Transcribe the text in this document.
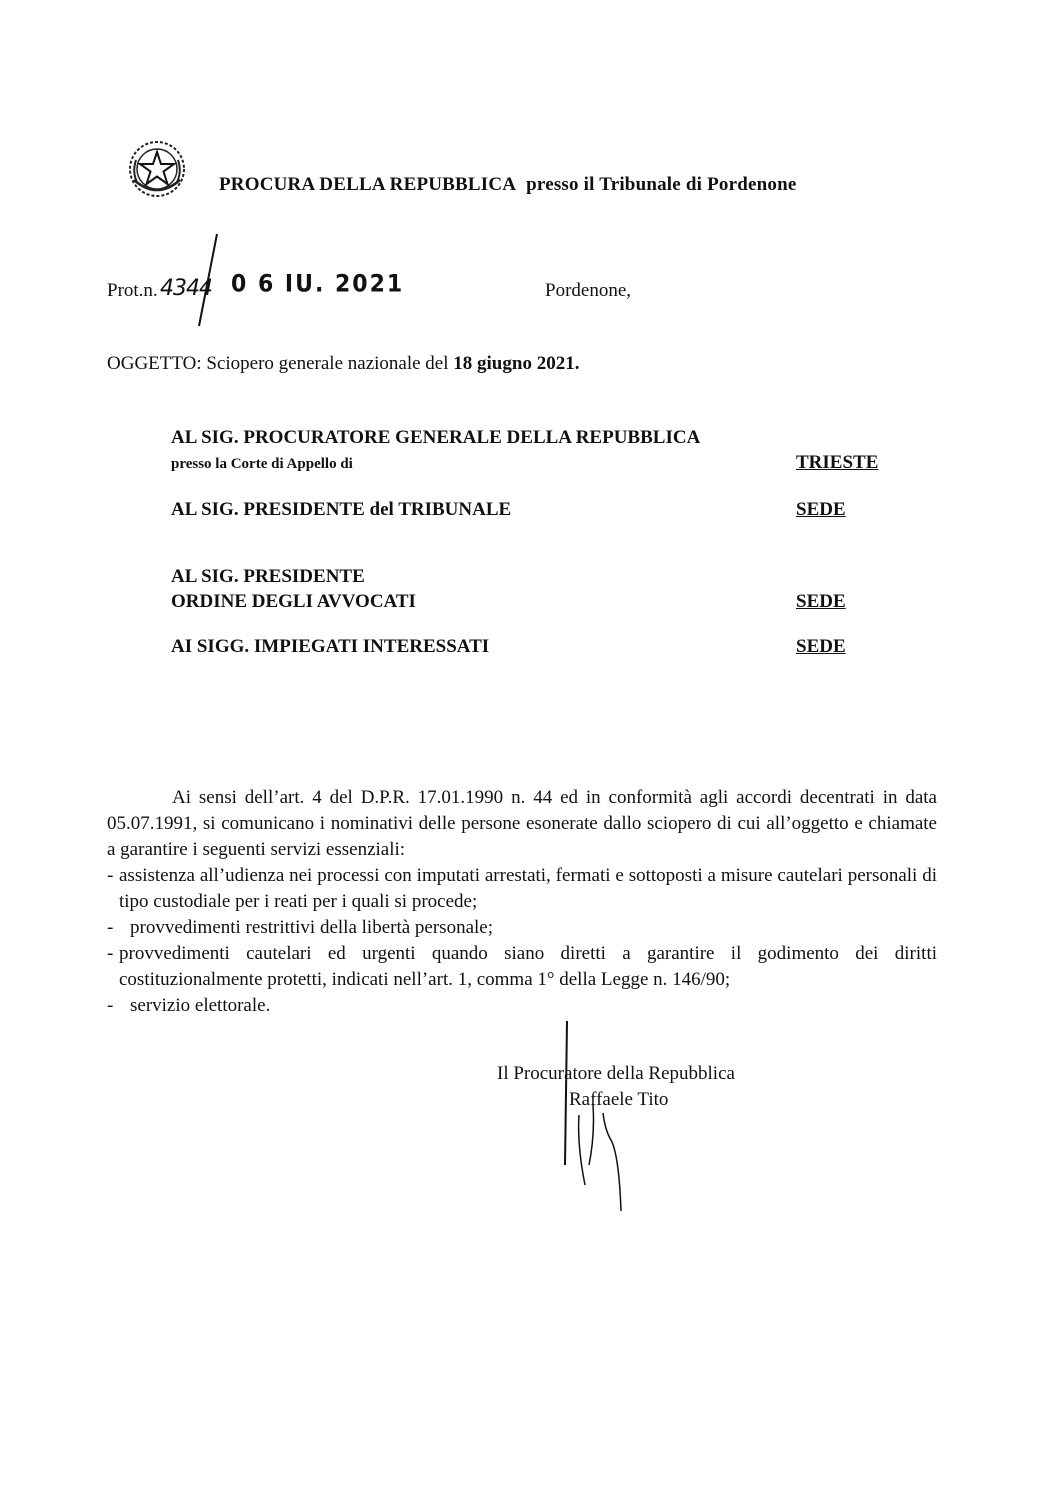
PROCURA DELLA REPUBBLICA presso il Tribunale di Pordenone
Prot.n. 4344 0 6 IU. 2021	Pordenone,
OGGETTO: Sciopero generale nazionale del 18 giugno 2021.
AL SIG. PROCURATORE GENERALE DELLA REPUBBLICA
presso la Corte di Appello di	TRIESTE
AL SIG. PRESIDENTE del TRIBUNALE	SEDE
AL SIG. PRESIDENTE
ORDINE DEGLI AVVOCATI	SEDE
AI SIGG. IMPIEGATI INTERESSATI	SEDE

Ai sensi dell’art. 4 del D.P.R. 17.01.1990 n. 44 ed in conformità agli accordi decentrati in data 05.07.1991, si comunicano i nominativi delle persone esonerate dallo sciopero di cui all’oggetto e chiamate a garantire i seguenti servizi essenziali:

- assistenza all’udienza nei processi con imputati arrestati, fermati e sottoposti a misure cautelari personali di tipo custodiale per i reati per i quali si procede;
- provvedimenti restrittivi della libertà personale;
- provvedimenti cautelari ed urgenti quando siano diretti a garantire il godimento dei diritti costituzionalmente protetti, indicati nell’art. 1, comma 1° della Legge n. 146/90;
- servizio elettorale.
Il Procuratore della Repubblica
Raffaele Tito
